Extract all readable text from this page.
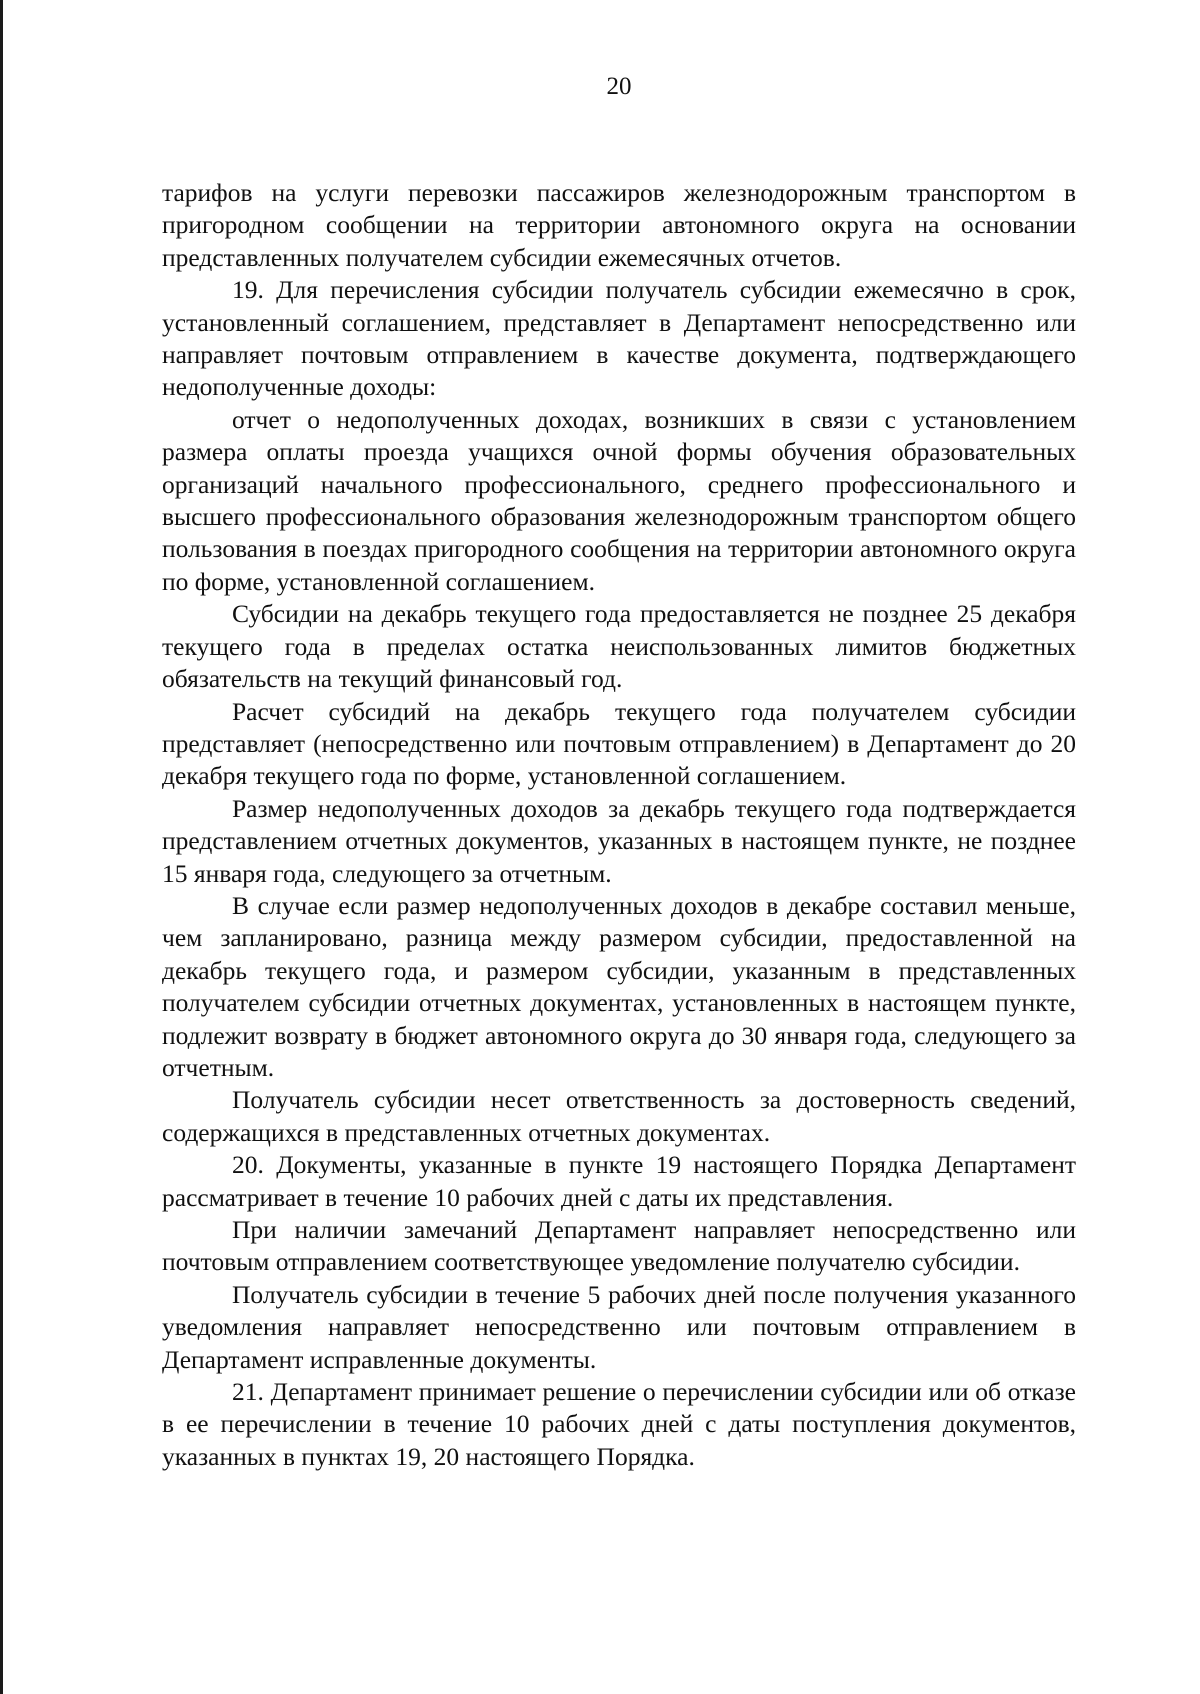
20

тарифов на услуги перевозки пассажиров железнодорожным транспортом в пригородном сообщении на территории автономного округа на основании представленных получателем субсидии ежемесячных отчетов.

19. Для перечисления субсидии получатель субсидии ежемесячно в срок, установленный соглашением, представляет в Департамент непосредственно или направляет почтовым отправлением в качестве документа, подтверждающего недополученные доходы:

отчет о недополученных доходах, возникших в связи с установлением размера оплаты проезда учащихся очной формы обучения образовательных организаций начального профессионального, среднего профессионального и высшего профессионального образования железнодорожным транспортом общего пользования в поездах пригородного сообщения на территории автономного округа по форме, установленной соглашением.

Субсидии на декабрь текущего года предоставляется не позднее 25 декабря текущего года в пределах остатка неиспользованных лимитов бюджетных обязательств на текущий финансовый год.

Расчет субсидий на декабрь текущего года получателем субсидии представляет (непосредственно или почтовым отправлением) в Департамент до 20 декабря текущего года по форме, установленной соглашением.

Размер недополученных доходов за декабрь текущего года подтверждается представлением отчетных документов, указанных в настоящем пункте, не позднее 15 января года, следующего за отчетным.

В случае если размер недополученных доходов в декабре составил меньше, чем запланировано, разница между размером субсидии, предоставленной на декабрь текущего года, и размером субсидии, указанным в представленных получателем субсидии отчетных документах, установленных в настоящем пункте, подлежит возврату в бюджет автономного округа до 30 января года, следующего за отчетным.

Получатель субсидии несет ответственность за достоверность сведений, содержащихся в представленных отчетных документах.

20. Документы, указанные в пункте 19 настоящего Порядка Департамент рассматривает в течение 10 рабочих дней с даты их представления.

При наличии замечаний Департамент направляет непосредственно или почтовым отправлением соответствующее уведомление получателю субсидии.

Получатель субсидии в течение 5 рабочих дней после получения указанного уведомления направляет непосредственно или почтовым отправлением в Департамент исправленные документы.

21. Департамент принимает решение о перечислении субсидии или об отказе в ее перечислении в течение 10 рабочих дней с даты поступления документов, указанных в пунктах 19, 20 настоящего Порядка.
